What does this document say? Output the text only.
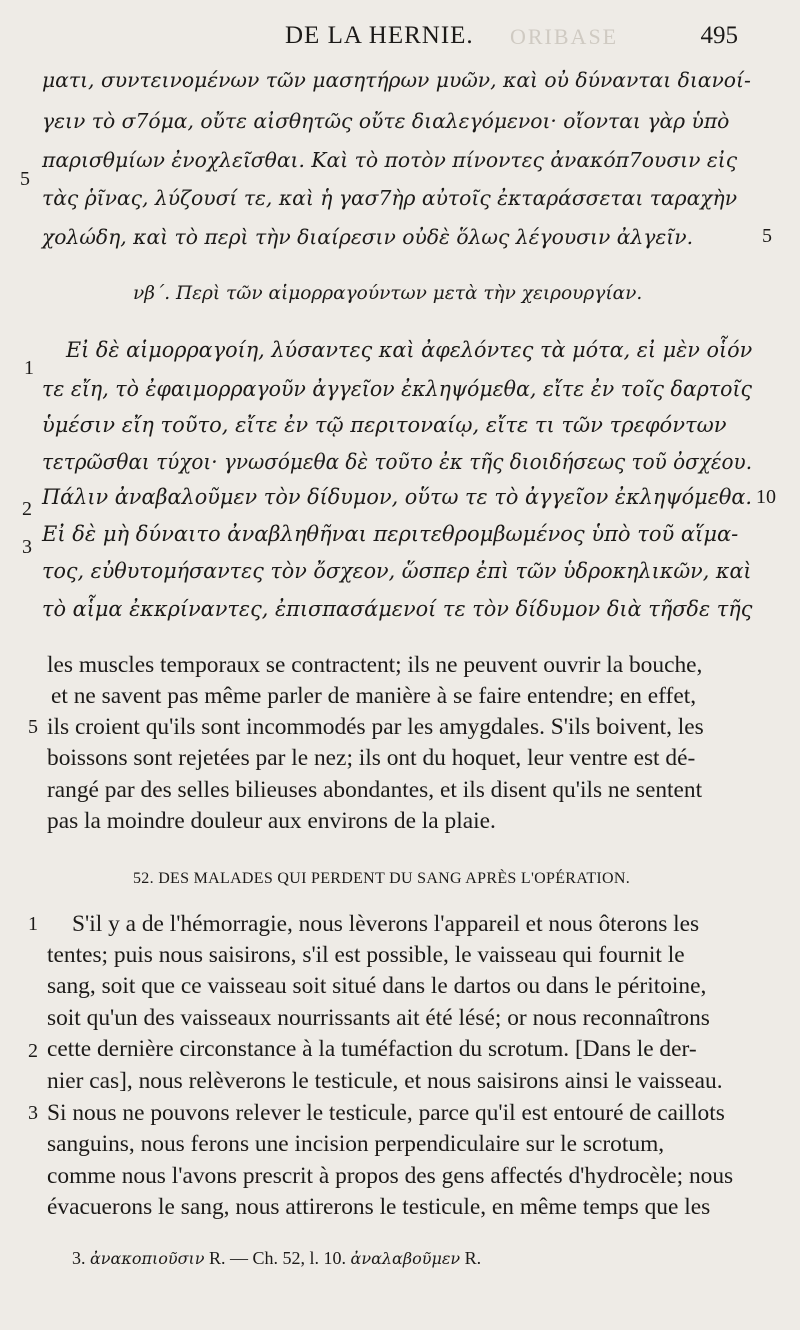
DE LA HERNIE.	495
ORIBASE
ματι, συντεινομένων τῶν μασητήρων μυῶν, καὶ οὐ δύνανται διανοί-
γειν τὸ σ7όμα, οὔτε αἰσθητῶς οὔτε διαλεγόμενοι· οἴονται γὰρ ὑπὸ
παρισθμίων ἐνοχλεῖσθαι. Καὶ τὸ ποτὸν πίνοντες ἀνακόπ7ουσιν εἰς
τὰς ῥῖνας, λύζουσί τε, καὶ ἡ γασ7ὴρ αὐτοῖς ἐκταράσσεται ταραχὴν
χολώδη, καὶ τὸ περὶ τὴν διαίρεσιν οὐδὲ ὅλως λέγουσιν ἀλγεῖν.
5
5
νβ΄. Περὶ τῶν αἱμορραγούντων μετὰ τὴν χειρουργίαν.
Εἰ δὲ αἱμορραγοίη, λύσαντες καὶ ἀφελόντες τὰ μότα, εἰ μὲν οἷόν
τε εἴη, τὸ ἐφαιμορραγοῦν ἀγγεῖον ἐκληψόμεθα, εἴτε ἐν τοῖς δαρτοῖς
ὑμέσιν εἴη τοῦτο, εἴτε ἐν τῷ περιτοναίῳ, εἴτε τι τῶν τρεφόντων
τετρῶσθαι τύχοι· γνωσόμεθα δὲ τοῦτο ἐκ τῆς διοιδήσεως τοῦ ὀσχέου.
Πάλιν ἀναβαλοῦμεν τὸν δίδυμον, οὕτω τε τὸ ἀγγεῖον ἐκληψόμεθα.
Εἰ δὲ μὴ δύναιτο ἀναβληθῆναι περιτεθρομβωμένος ὑπὸ τοῦ αἵμα-
τος, εὐθυτομήσαντες τὸν ὄσχεον, ὥσπερ ἐπὶ τῶν ὑδροκηλικῶν, καὶ
τὸ αἷμα ἐκκρίναντες, ἐπισπασάμενοί τε τὸν δίδυμον διὰ τῆσδε τῆς
1
2
10
3
les muscles temporaux se contractent; ils ne peuvent ouvrir la bouche,
et ne savent pas même parler de manière à se faire entendre; en effet,
ils croient qu'ils sont incommodés par les amygdales. S'ils boivent, les
boissons sont rejetées par le nez; ils ont du hoquet, leur ventre est dé-
rangé par des selles bilieuses abondantes, et ils disent qu'ils ne sentent
pas la moindre douleur aux environs de la plaie.
5
52. DES MALADES QUI PERDENT DU SANG APRÈS L'OPÉRATION.
S'il y a de l'hémorragie, nous lèverons l'appareil et nous ôterons les
tentes; puis nous saisirons, s'il est possible, le vaisseau qui fournit le
sang, soit que ce vaisseau soit situé dans le dartos ou dans le péritoine,
soit qu'un des vaisseaux nourrissants ait été lésé; or nous reconnaîtrons
cette dernière circonstance à la tuméfaction du scrotum. [Dans le der-
nier cas], nous relèverons le testicule, et nous saisirons ainsi le vaisseau.
Si nous ne pouvons relever le testicule, parce qu'il est entouré de caillots
sanguins, nous ferons une incision perpendiculaire sur le scrotum,
comme nous l'avons prescrit à propos des gens affectés d'hydrocèle; nous
évacuerons le sang, nous attirerons le testicule, en même temps que les
1
2
3
3. ἀνακοπιοῦσιν R. — Ch. 52, l. 10. ἀναλαβοῦμεν R.
